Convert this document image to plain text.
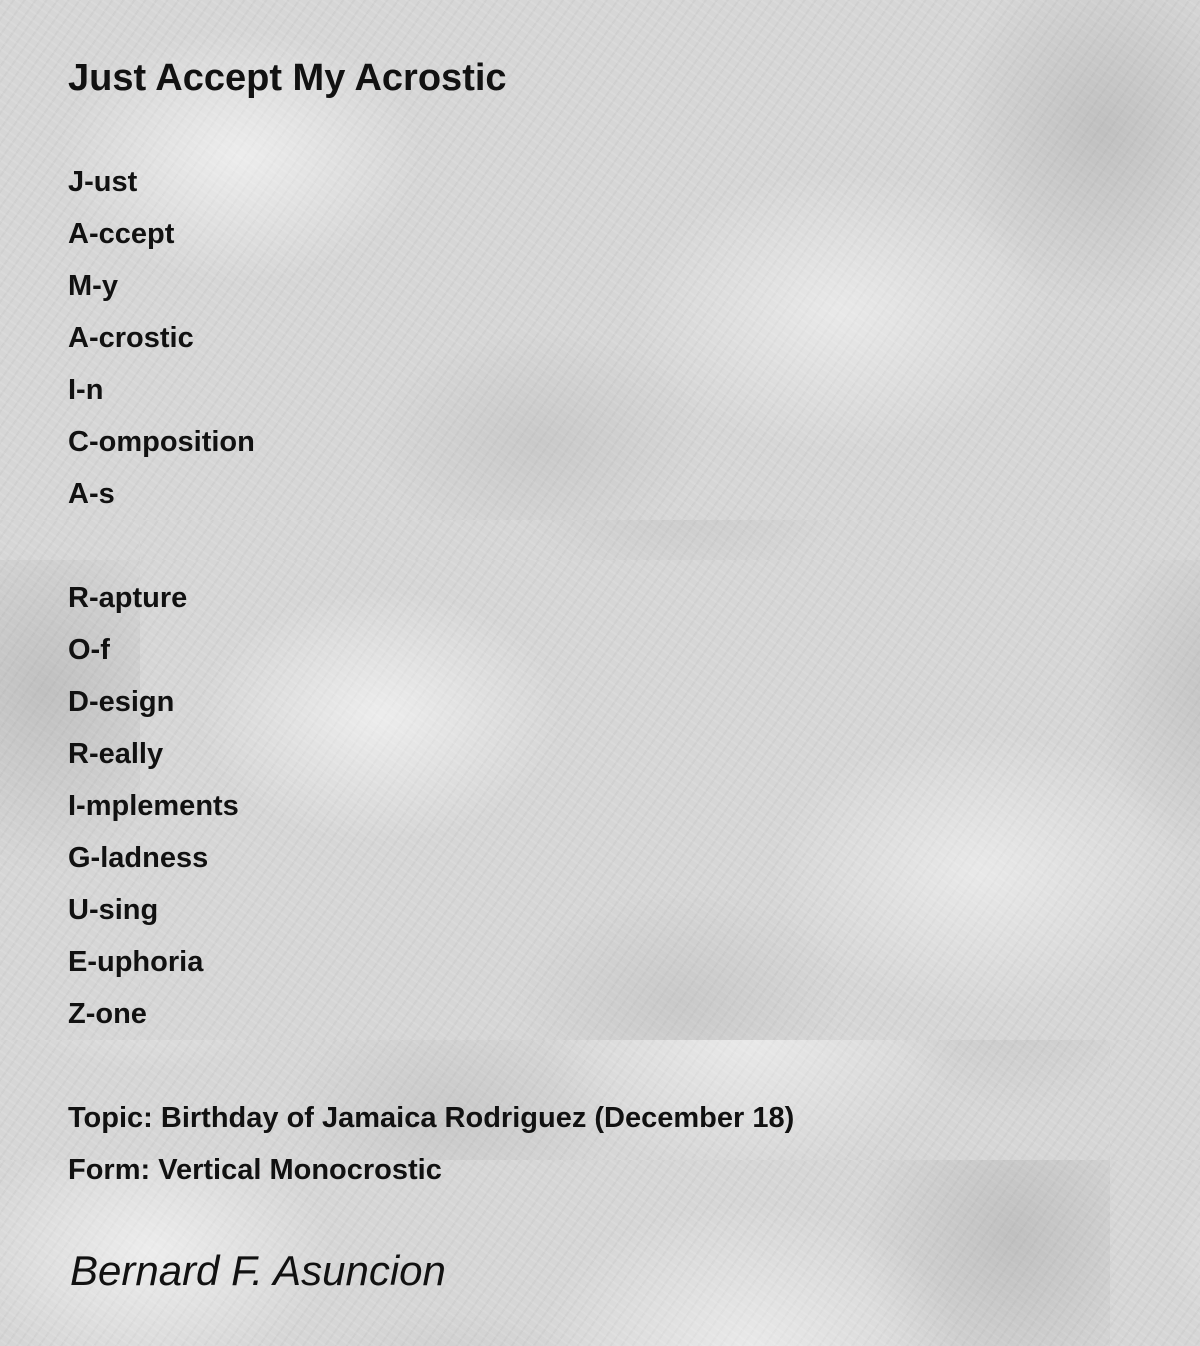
Just Accept My Acrostic
J-ust
A-ccept
M-y
A-crostic
I-n
C-omposition
A-s
R-apture
O-f
D-esign
R-eally
I-mplements
G-ladness
U-sing
E-uphoria
Z-one
Topic: Birthday of Jamaica Rodriguez (December 18)
Form: Vertical Monocrostic
Bernard F. Asuncion
